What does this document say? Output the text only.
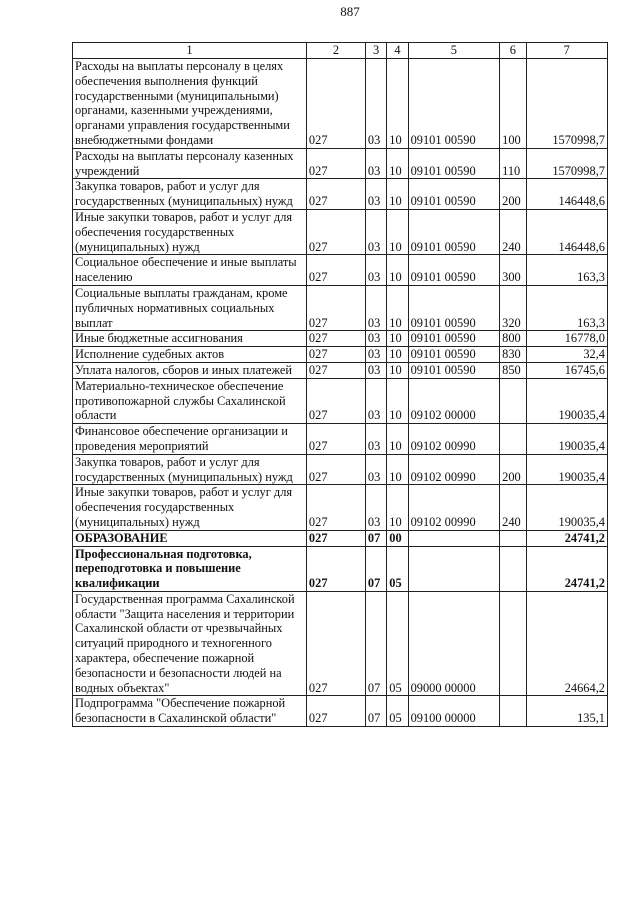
887
1	2	3	4	5	6	7
Расходы на выплаты персоналу в целях обеспечения выполнения функций государственными (муниципальными) органами, казенными учреждениями, органами управления государственными внебюджетными фондами	027	03	10	09101 00590	100	1570998,7
Расходы на выплаты персоналу казенных учреждений	027	03	10	09101 00590	110	1570998,7
Закупка товаров, работ и услуг для государственных (муниципальных) нужд	027	03	10	09101 00590	200	146448,6
Иные закупки товаров, работ и услуг для обеспечения государственных (муниципальных) нужд	027	03	10	09101 00590	240	146448,6
Социальное обеспечение и иные выплаты населению	027	03	10	09101 00590	300	163,3
Социальные выплаты гражданам, кроме публичных нормативных социальных выплат	027	03	10	09101 00590	320	163,3
Иные бюджетные ассигнования	027	03	10	09101 00590	800	16778,0
Исполнение судебных актов	027	03	10	09101 00590	830	32,4
Уплата налогов, сборов и иных платежей	027	03	10	09101 00590	850	16745,6
Материально-техническое обеспечение противопожарной службы Сахалинской области	027	03	10	09102 00000		190035,4
Финансовое обеспечение организации и проведения мероприятий	027	03	10	09102 00990		190035,4
Закупка товаров, работ и услуг для государственных (муниципальных) нужд	027	03	10	09102 00990	200	190035,4
Иные закупки товаров, работ и услуг для обеспечения государственных (муниципальных) нужд	027	03	10	09102 00990	240	190035,4
ОБРАЗОВАНИЕ	027	07	00			24741,2
Профессиональная подготовка, переподготовка и повышение квалификации	027	07	05			24741,2
Государственная программа Сахалинской области "Защита населения и территории Сахалинской области от чрезвычайных ситуаций природного и техногенного характера, обеспечение пожарной безопасности и безопасности людей на водных объектах"	027	07	05	09000 00000		24664,2
Подпрограмма "Обеспечение пожарной безопасности в Сахалинской области"	027	07	05	09100 00000		135,1
